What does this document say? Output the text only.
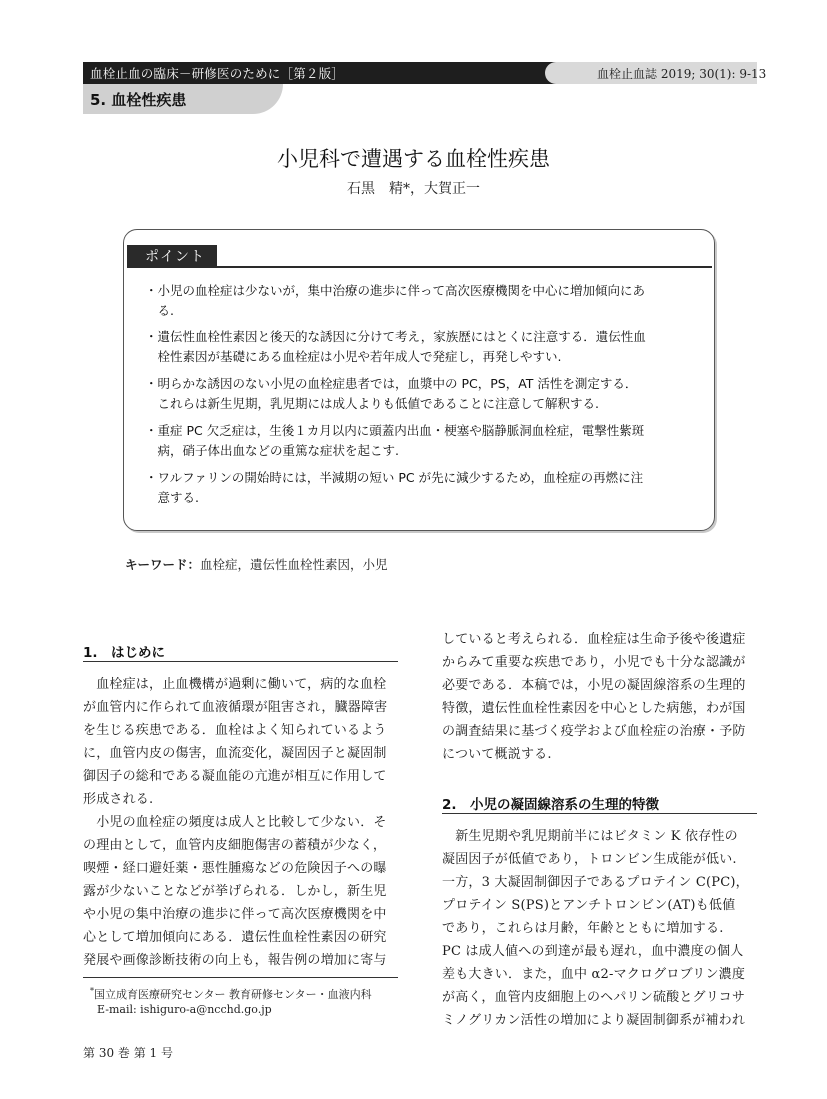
血栓止血の臨床－研修医のために［第２版］	血栓止血誌 2019; 30(1): 9-13
5. 血栓性疾患
小児科で遭遇する血栓性疾患
石黒　精*，大賀正一
ポイント
・小児の血栓症は少ないが，集中治療の進歩に伴って高次医療機関を中心に増加傾向にあ
　る.
・遺伝性血栓性素因と後天的な誘因に分けて考え，家族歴にはとくに注意する．遺伝性血
　栓性素因が基礎にある血栓症は小児や若年成人で発症し，再発しやすい.
・明らかな誘因のない小児の血栓症患者では，血漿中の PC，PS，AT 活性を測定する．
　これらは新生児期，乳児期には成人よりも低値であることに注意して解釈する.
・重症 PC 欠乏症は，生後１カ月以内に頭蓋内出血・梗塞や脳静脈洞血栓症，電撃性紫斑
　病，硝子体出血などの重篤な症状を起こす.
・ワルファリンの開始時には，半減期の短い PC が先に減少するため，血栓症の再燃に注
　意する.
キーワード：血栓症，遺伝性血栓性素因，小児
1.　はじめに
　血栓症は，止血機構が過剰に働いて，病的な血栓
が血管内に作られて血液循環が阻害され，臓器障害
を生じる疾患である．血栓はよく知られているよう
に，血管内皮の傷害，血流変化，凝固因子と凝固制
御因子の総和である凝血能の亢進が相互に作用して
形成される.
　小児の血栓症の頻度は成人と比較して少ない．そ
の理由として，血管内皮細胞傷害の蓄積が少なく，
喫煙・経口避妊薬・悪性腫瘍などの危険因子への曝
露が少ないことなどが挙げられる．しかし，新生児
や小児の集中治療の進歩に伴って高次医療機関を中
心として増加傾向にある．遺伝性血栓性素因の研究
発展や画像診断技術の向上も，報告例の増加に寄与
*国立成育医療研究センター 教育研修センター・血液内科
E-mail: ishiguro-a@ncchd.go.jp
していると考えられる．血栓症は生命予後や後遺症
からみて重要な疾患であり，小児でも十分な認識が
必要である．本稿では，小児の凝固線溶系の生理的
特徴，遺伝性血栓性素因を中心とした病態，わが国
の調査結果に基づく疫学および血栓症の治療・予防
について概説する.
2.　小児の凝固線溶系の生理的特徴
　新生児期や乳児期前半にはビタミン K 依存性の
凝固因子が低値であり，トロンビン生成能が低い.
一方，3 大凝固制御因子であるプロテイン C(PC)，
プロテイン S(PS)とアンチトロンビン(AT)も低値
であり，これらは月齢，年齢とともに増加する.
PC は成人値への到達が最も遅れ，血中濃度の個人
差も大きい．また，血中 α2-マクログロブリン濃度
が高く，血管内皮細胞上のヘパリン硫酸とグリコサ
ミノグリカン活性の増加により凝固制御系が補われ
第 30 巻 第 1 号
